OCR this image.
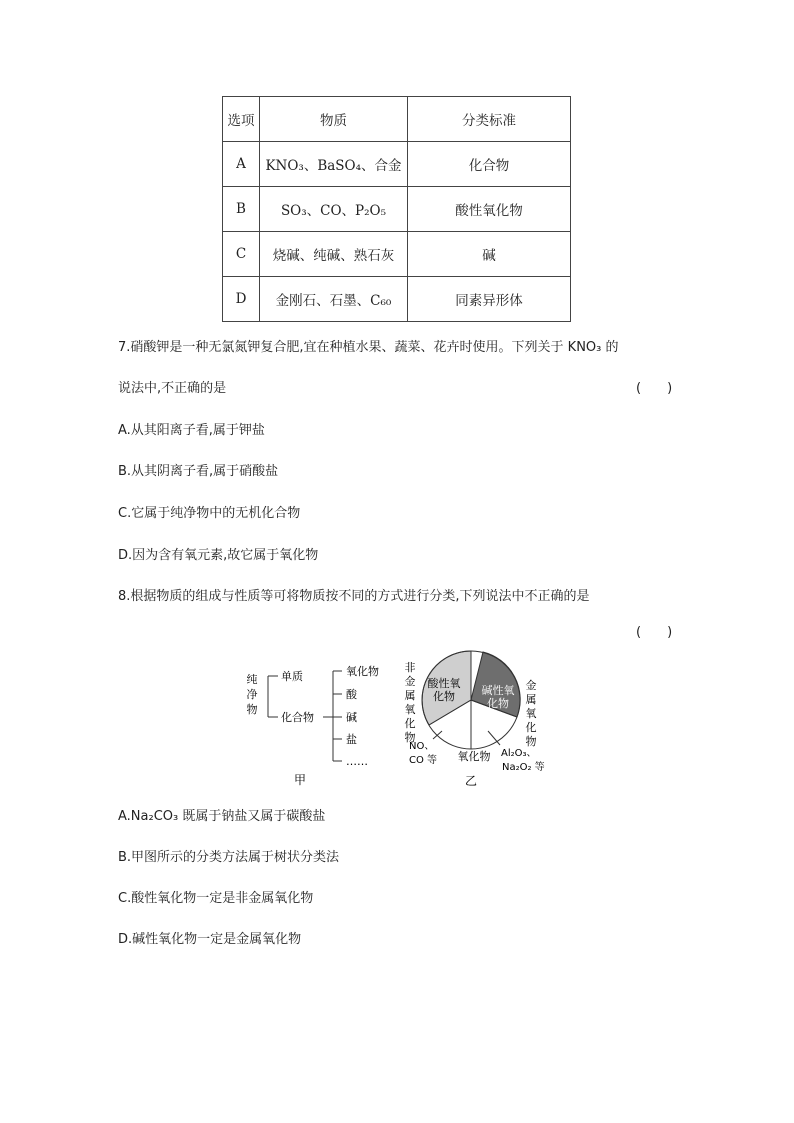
选项	物质	分类标准
A	KNO₃、BaSO₄、合金	化合物
B	SO₃、CO、P₂O₅	酸性氧化物
C	烧碱、纯碱、熟石灰	碱
D	金刚石、石墨、C₆₀	同素异形体
7.硝酸钾是一种无氯氮钾复合肥,宜在种植水果、蔬菜、花卉时使用。下列关于 KNO₃ 的
说法中,不正确的是	(　　)
A.从其阳离子看,属于钾盐
B.从其阴离子看,属于硝酸盐
C.它属于纯净物中的无机化合物
D.因为含有氧元素,故它属于氧化物
8.根据物质的组成与性质等可将物质按不同的方式进行分类,下列说法中不正确的是
(　　)
纯
净
物
单质
化合物
氧化物
酸
碱
盐
……
甲
酸性氧
化物 碱性氧
化物
氧化物
非
金
属
氧
化
物
金
属
氧
化
物
NO、
CO 等
Al₂O₃、
Na₂O₂ 等
乙
A.Na₂CO₃ 既属于钠盐又属于碳酸盐
B.甲图所示的分类方法属于树状分类法
C.酸性氧化物一定是非金属氧化物
D.碱性氧化物一定是金属氧化物
